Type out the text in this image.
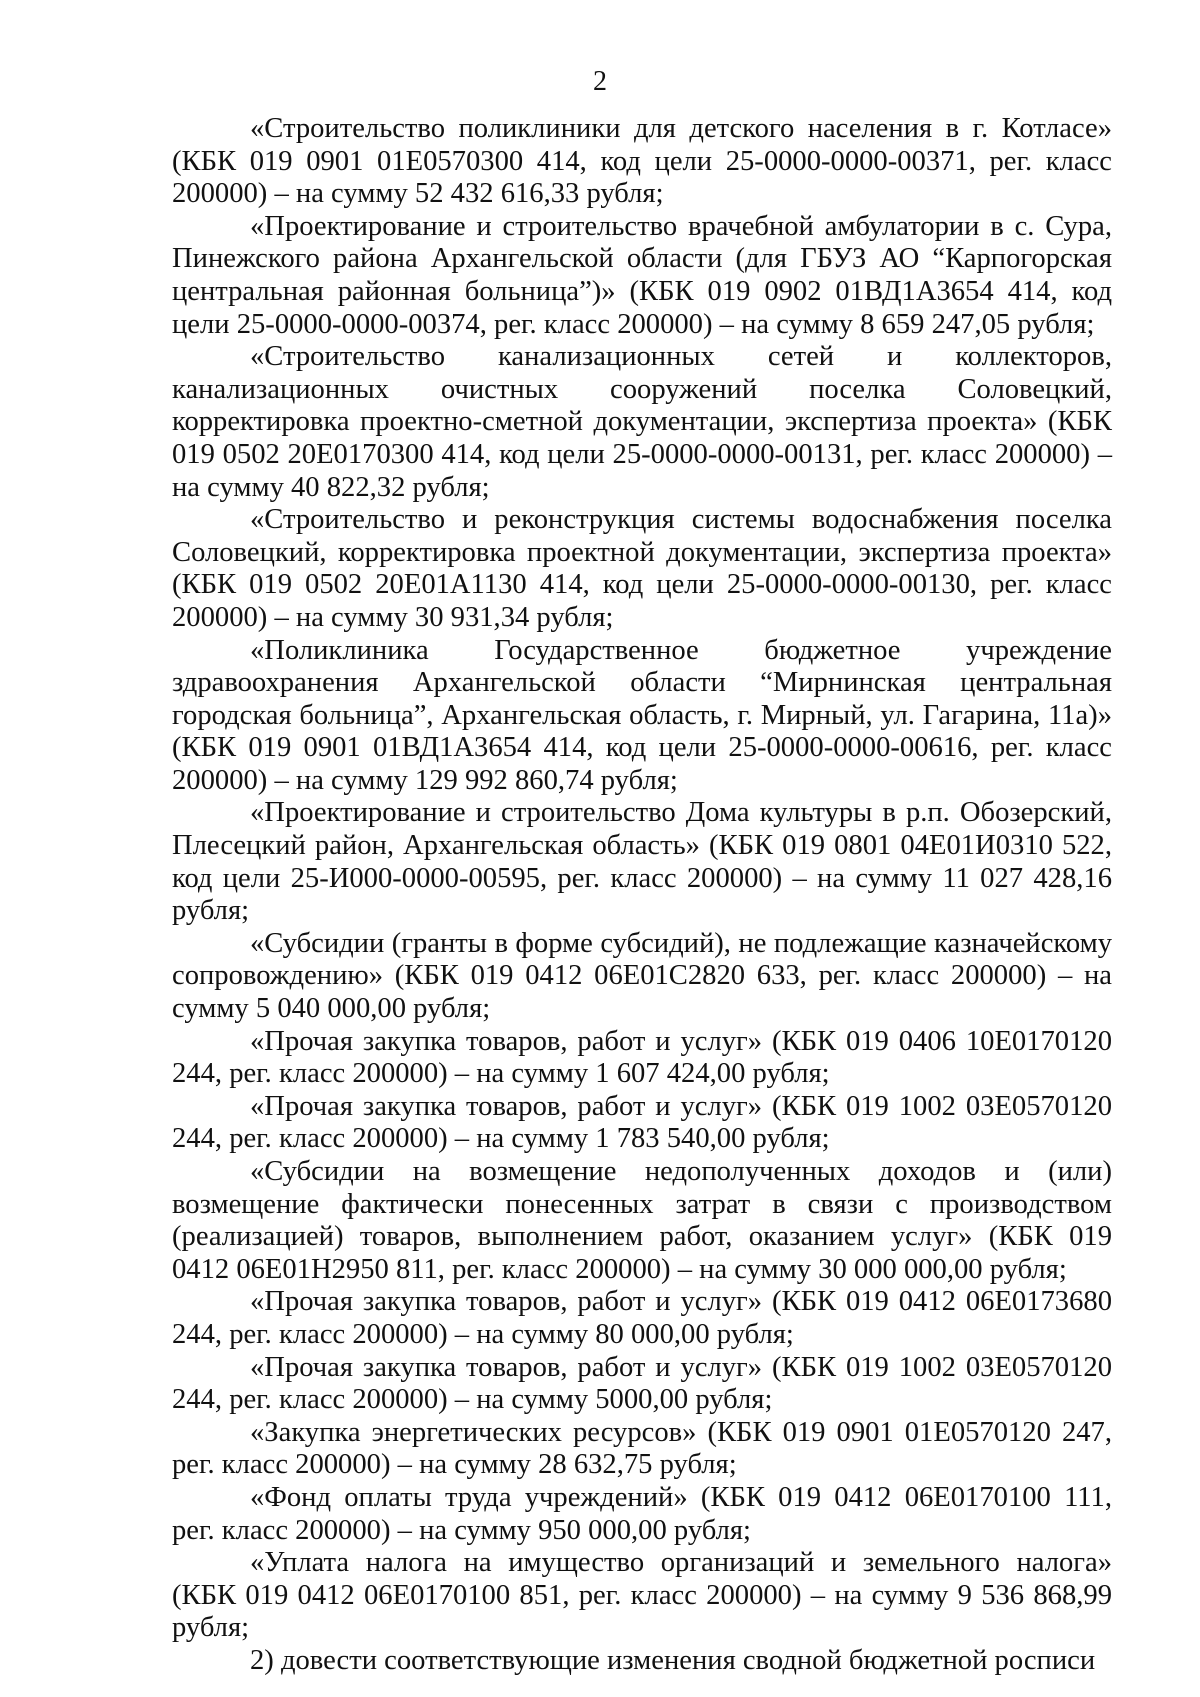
2

«Строительство поликлиники для детского населения в г. Котласе» (КБК 019 0901 01Е0570300 414, код цели 25-0000-0000-00371, рег. класс 200000) – на сумму 52 432 616,33 рубля;

«Проектирование и строительство врачебной амбулатории в с. Сура, Пинежского района Архангельской области (для ГБУЗ АО “Карпогорская центральная районная больница”)» (КБК 019 0902 01ВД1А3654 414, код цели 25-0000-0000-00374, рег. класс 200000) – на сумму 8 659 247,05 рубля;

«Строительство канализационных сетей и коллекторов, канализационных очистных сооружений поселка Соловецкий, корректировка проектно-сметной документации, экспертиза проекта» (КБК 019 0502 20Е0170300 414, код цели 25-0000-0000-00131, рег. класс 200000) – на сумму 40 822,32 рубля;

«Строительство и реконструкция системы водоснабжения поселка Соловецкий, корректировка проектной документации, экспертиза проекта» (КБК 019 0502 20Е01А1130 414, код цели 25-0000-0000-00130, рег. класс 200000) – на сумму 30 931,34 рубля;

«Поликлиника Государственное бюджетное учреждение здравоохранения Архангельской области “Мирнинская центральная городская больница”, Архангельская область, г. Мирный, ул. Гагарина, 11а)» (КБК 019 0901 01ВД1А3654 414, код цели 25-0000-0000-00616, рег. класс 200000) – на сумму 129 992 860,74 рубля;

«Проектирование и строительство Дома культуры в р.п. Обозерский, Плесецкий район, Архангельская область» (КБК 019 0801 04Е01И0310 522, код цели 25-И000-0000-00595, рег. класс 200000) – на сумму 11 027 428,16 рубля;

«Субсидии (гранты в форме субсидий), не подлежащие казначейскому сопровождению» (КБК 019 0412 06Е01С2820 633, рег. класс 200000) – на сумму 5 040 000,00 рубля;

«Прочая закупка товаров, работ и услуг» (КБК 019 0406 10Е0170120 244, рег. класс 200000) – на сумму 1 607 424,00 рубля;

«Прочая закупка товаров, работ и услуг» (КБК 019 1002 03Е0570120 244, рег. класс 200000) – на сумму 1 783 540,00 рубля;

«Субсидии на возмещение недополученных доходов и (или) возмещение фактически понесенных затрат в связи с производством (реализацией) товаров, выполнением работ, оказанием услуг» (КБК 019 0412 06Е01Н2950 811, рег. класс 200000) – на сумму 30 000 000,00 рубля;

«Прочая закупка товаров, работ и услуг» (КБК 019 0412 06Е0173680 244, рег. класс 200000) – на сумму 80 000,00 рубля;

«Прочая закупка товаров, работ и услуг» (КБК 019 1002 03Е0570120 244, рег. класс 200000) – на сумму 5000,00 рубля;

«Закупка энергетических ресурсов» (КБК 019 0901 01Е0570120 247, рег. класс 200000) – на сумму 28 632,75 рубля;

«Фонд оплаты труда учреждений» (КБК 019 0412 06Е0170100 111, рег. класс 200000) – на сумму 950 000,00 рубля;

«Уплата налога на имущество организаций и земельного налога» (КБК 019 0412 06Е0170100 851, рег. класс 200000) – на сумму 9 536 868,99 рубля;

2) довести соответствующие изменения сводной бюджетной росписи
